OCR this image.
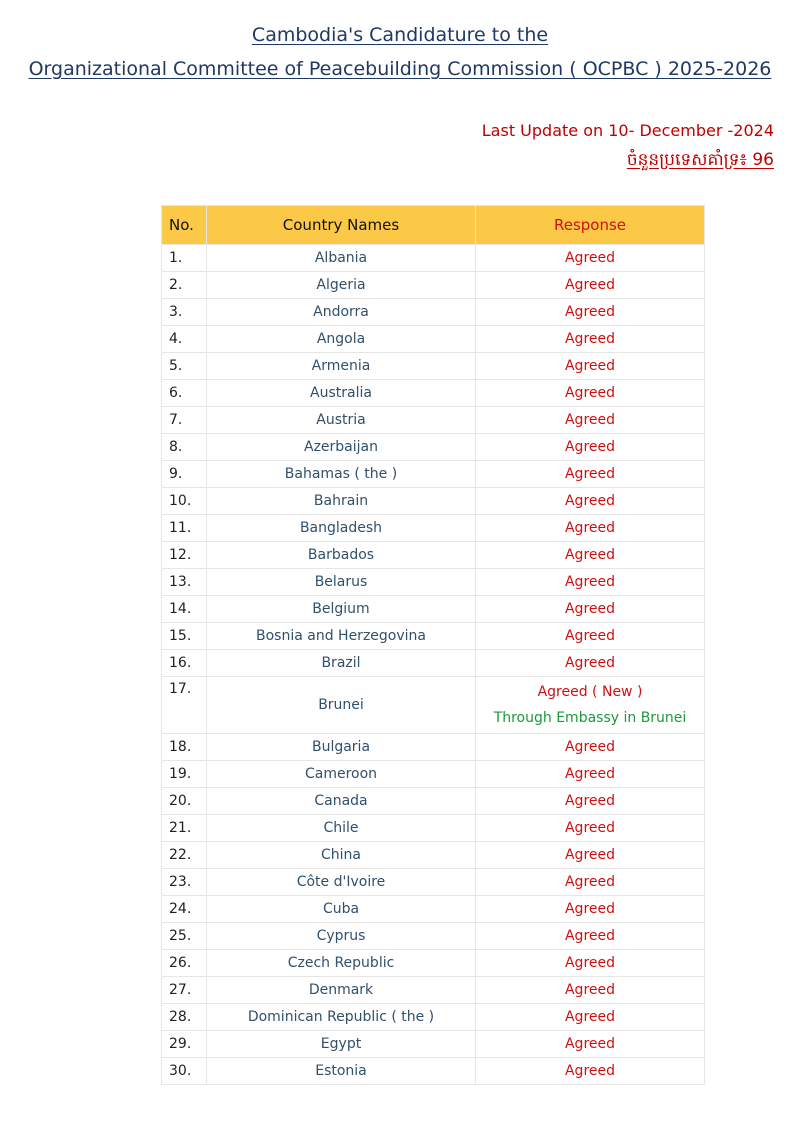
Cambodia's Candidature to the
Organizational Committee of Peacebuilding Commission ( OCPBC ) 2025-2026
Last Update on 10- December -2024
ចំនួនប្រទេសគាំទ្រ៖ 96
No.	Country Names	Response
1.	Albania	Agreed
2.	Algeria	Agreed
3.	Andorra	Agreed
4.	Angola	Agreed
5.	Armenia	Agreed
6.	Australia	Agreed
7.	Austria	Agreed
8.	Azerbaijan	Agreed
9.	Bahamas ( the )	Agreed
10.	Bahrain	Agreed
11.	Bangladesh	Agreed
12.	Barbados	Agreed
13.	Belarus	Agreed
14.	Belgium	Agreed
15.	Bosnia and Herzegovina	Agreed
16.	Brazil	Agreed
17.	Brunei	Agreed ( New )
Through Embassy in Brunei

18.	Bulgaria	Agreed
19.	Cameroon	Agreed
20.	Canada	Agreed
21.	Chile	Agreed
22.	China	Agreed
23.	Côte d'Ivoire	Agreed
24.	Cuba	Agreed
25.	Cyprus	Agreed
26.	Czech Republic	Agreed
27.	Denmark	Agreed
28.	Dominican Republic ( the )	Agreed
29.	Egypt	Agreed
30.	Estonia	Agreed
